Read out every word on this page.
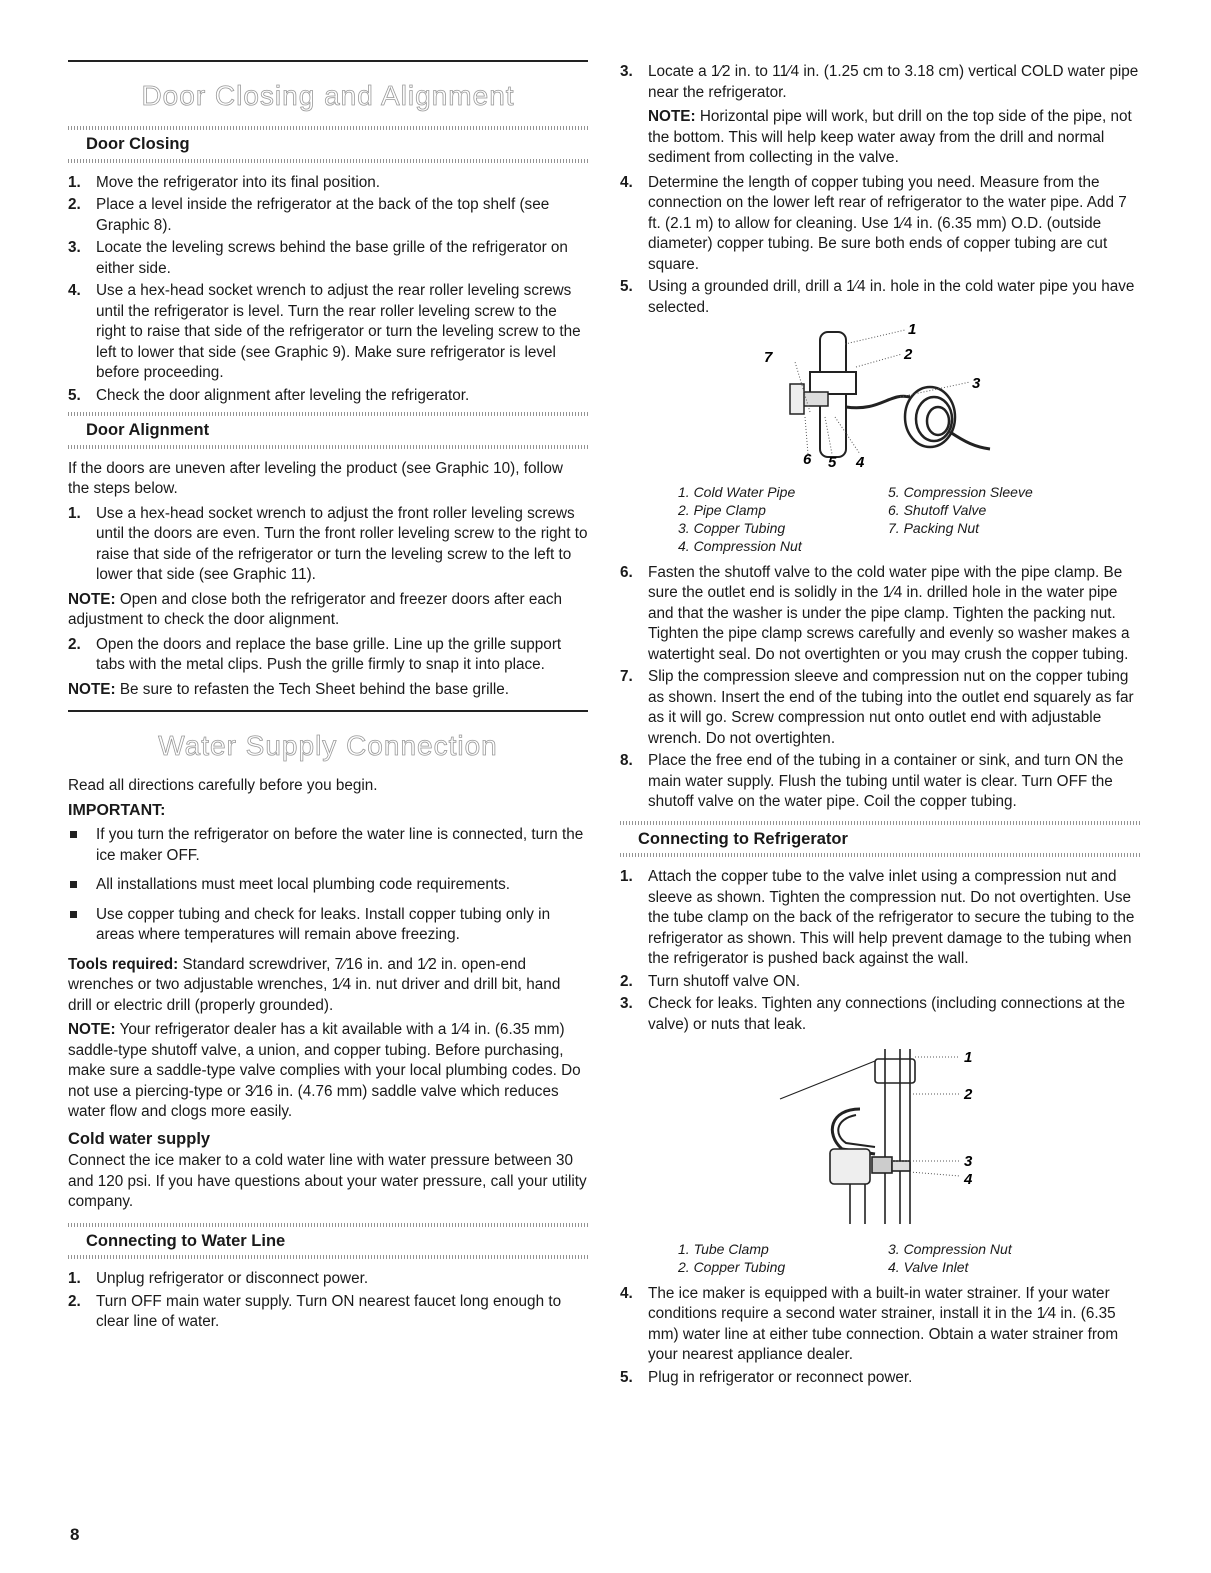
Door Closing and Alignment
Door Closing
1. Move the refrigerator into its final position.
2. Place a level inside the refrigerator at the back of the top shelf (see Graphic 8).
3. Locate the leveling screws behind the base grille of the refrigerator on either side.
4. Use a hex-head socket wrench to adjust the rear roller leveling screws until the refrigerator is level. Turn the rear roller leveling screw to the right to raise that side of the refrigerator or turn the leveling screw to the left to lower that side (see Graphic 9). Make sure refrigerator is level before proceeding.
5. Check the door alignment after leveling the refrigerator.
Door Alignment

If the doors are uneven after leveling the product (see Graphic 10), follow the steps below.

1. Use a hex-head socket wrench to adjust the front roller leveling screws until the doors are even. Turn the front roller leveling screw to the right to raise that side of the refrigerator or turn the leveling screw to the left to lower that side (see Graphic 11).

NOTE: Open and close both the refrigerator and freezer doors after each adjustment to check the door alignment.

2. Open the doors and replace the base grille. Line up the grille support tabs with the metal clips. Push the grille firmly to snap it into place.

NOTE: Be sure to refasten the Tech Sheet behind the base grille.

Water Supply Connection

Read all directions carefully before you begin.

IMPORTANT:

If you turn the refrigerator on before the water line is connected, turn the ice maker OFF.
All installations must meet local plumbing code requirements.
Use copper tubing and check for leaks. Install copper tubing only in areas where temperatures will remain above freezing.

Tools required: Standard screwdriver, 7⁄16 in. and 1⁄2 in. open-end wrenches or two adjustable wrenches, 1⁄4 in. nut driver and drill bit, hand drill or electric drill (properly grounded).

NOTE: Your refrigerator dealer has a kit available with a 1⁄4 in. (6.35 mm) saddle-type shutoff valve, a union, and copper tubing. Before purchasing, make sure a saddle-type valve complies with your local plumbing codes. Do not use a piercing-type or 3⁄16 in. (4.76 mm) saddle valve which reduces water flow and clogs more easily.

Cold water supply

Connect the ice maker to a cold water line with water pressure between 30 and 120 psi. If you have questions about your water pressure, call your utility company.

Connecting to Water Line
1. Unplug refrigerator or disconnect power.
2. Turn OFF main water supply. Turn ON nearest faucet long enough to clear line of water.
3. Locate a 1⁄2 in. to 11⁄4 in. (1.25 cm to 3.18 cm) vertical COLD water pipe near the refrigerator.

NOTE: Horizontal pipe will work, but drill on the top side of the pipe, not the bottom. This will help keep water away from the drill and normal sediment from collecting in the valve.

4. Determine the length of copper tubing you need. Measure from the connection on the lower left rear of refrigerator to the water pipe. Add 7 ft. (2.1 m) to allow for cleaning. Use 1⁄4 in. (6.35 mm) O.D. (outside diameter) copper tubing. Be sure both ends of copper tubing are cut square.
5. Using a grounded drill, drill a 1⁄4 in. hole in the cold water pipe you have selected.
1
2
3
4
5
6
7
1. Cold Water Pipe	5. Compression Sleeve
2. Pipe Clamp	6. Shutoff Valve
3. Copper Tubing	7. Packing Nut
4. Compression Nut
6. Fasten the shutoff valve to the cold water pipe with the pipe clamp. Be sure the outlet end is solidly in the 1⁄4 in. drilled hole in the water pipe and that the washer is under the pipe clamp. Tighten the packing nut. Tighten the pipe clamp screws carefully and evenly so washer makes a watertight seal. Do not overtighten or you may crush the copper tubing.
7. Slip the compression sleeve and compression nut on the copper tubing as shown. Insert the end of the tubing into the outlet end squarely as far as it will go. Screw compression nut onto outlet end with adjustable wrench. Do not overtighten.
8. Place the free end of the tubing in a container or sink, and turn ON the main water supply. Flush the tubing until water is clear. Turn OFF the shutoff valve on the water pipe. Coil the copper tubing.
Connecting to Refrigerator
1. Attach the copper tube to the valve inlet using a compression nut and sleeve as shown. Tighten the compression nut. Do not overtighten. Use the tube clamp on the back of the refrigerator to secure the tubing to the refrigerator as shown. This will help prevent damage to the tubing when the refrigerator is pushed back against the wall.
2. Turn shutoff valve ON.
3. Check for leaks. Tighten any connections (including connections at the valve) or nuts that leak.
1
2
3
4
1. Tube Clamp	3. Compression Nut
2. Copper Tubing	4. Valve Inlet
4. The ice maker is equipped with a built-in water strainer. If your water conditions require a second water strainer, install it in the 1⁄4 in. (6.35 mm) water line at either tube connection. Obtain a water strainer from your nearest appliance dealer.
5. Plug in refrigerator or reconnect power.
8
